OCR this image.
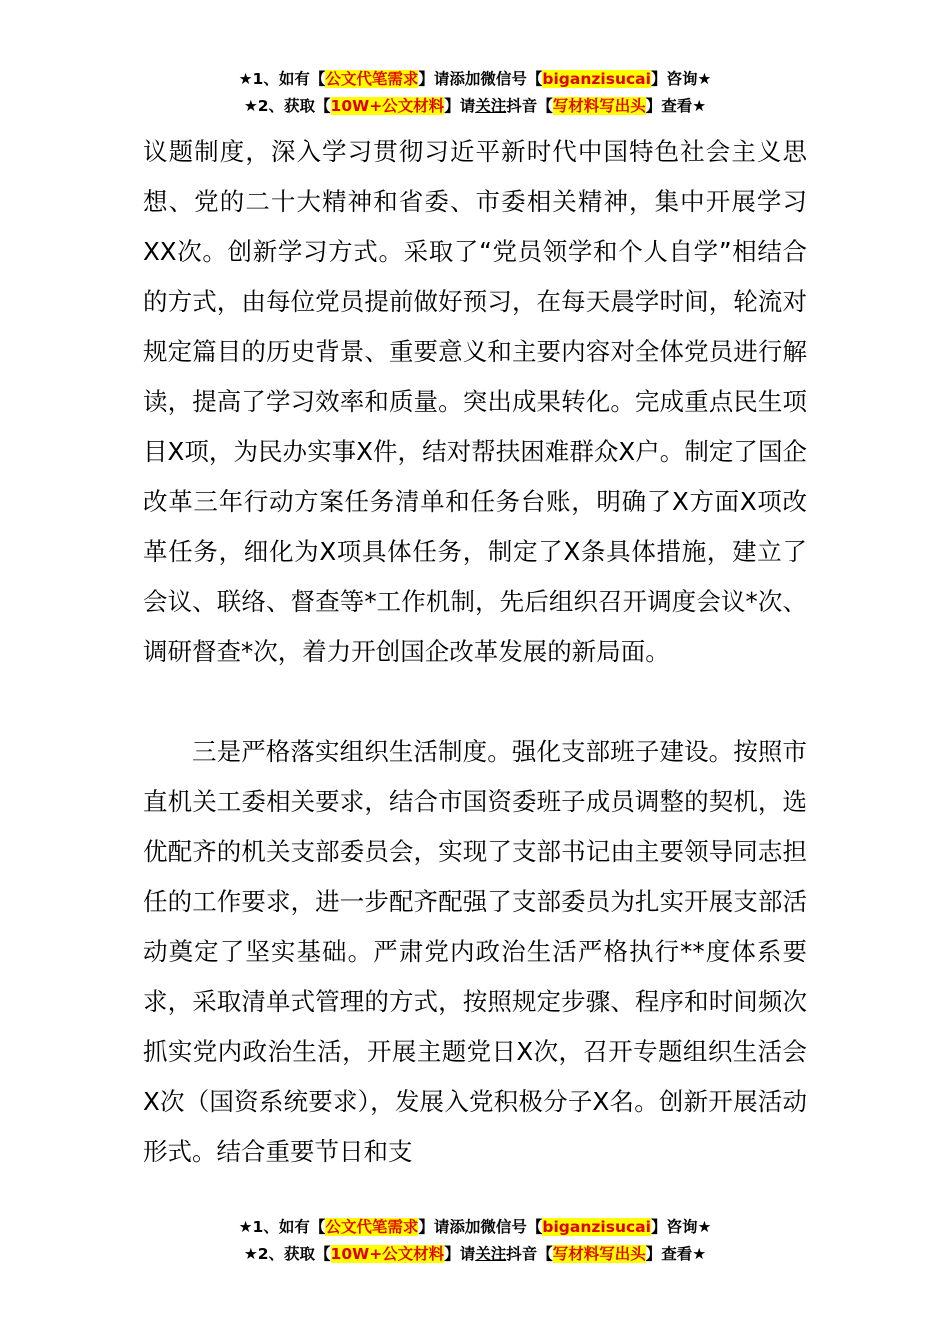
★1、如有【公文代笔需求】请添加微信号【biganzisucai】咨询★
★2、获取【10W+公文材料】请关注抖音【写材料写出头】查看★

议题制度，深入学习贯彻习近平新时代中国特色社会主义思想、党的二十大精神和省委、市委相关精神，集中开展学习XX次。创新学习方式。采取了“党员领学和个人自学”相结合的方式，由每位党员提前做好预习，在每天晨学时间，轮流对规定篇目的历史背景、重要意义和主要内容对全体党员进行解读，提高了学习效率和质量。突出成果转化。完成重点民生项目X项，为民办实事X件，结对帮扶困难群众X户。制定了国企改革三年行动方案任务清单和任务台账，明确了X方面X项改革任务，细化为X项具体任务，制定了X条具体措施，建立了会议、联络、督查等*工作机制，先后组织召开调度会议*次、调研督查*次，着力开创国企改革发展的新局面。

三是严格落实组织生活制度。强化支部班子建设。按照市直机关工委相关要求，结合市国资委班子成员调整的契机，选优配齐的机关支部委员会，实现了支部书记由主要领导同志担任的工作要求，进一步配齐配强了支部委员为扎实开展支部活动奠定了坚实基础。严肃党内政治生活严格执行**度体系要求，采取清单式管理的方式，按照规定步骤、程序和时间频次抓实党内政治生活，开展主题党日X次，召开专题组织生活会X次（国资系统要求），发展入党积极分子X名。创新开展活动形式。结合重要节日和支

★1、如有【公文代笔需求】请添加微信号【biganzisucai】咨询★
★2、获取【10W+公文材料】请关注抖音【写材料写出头】查看★
